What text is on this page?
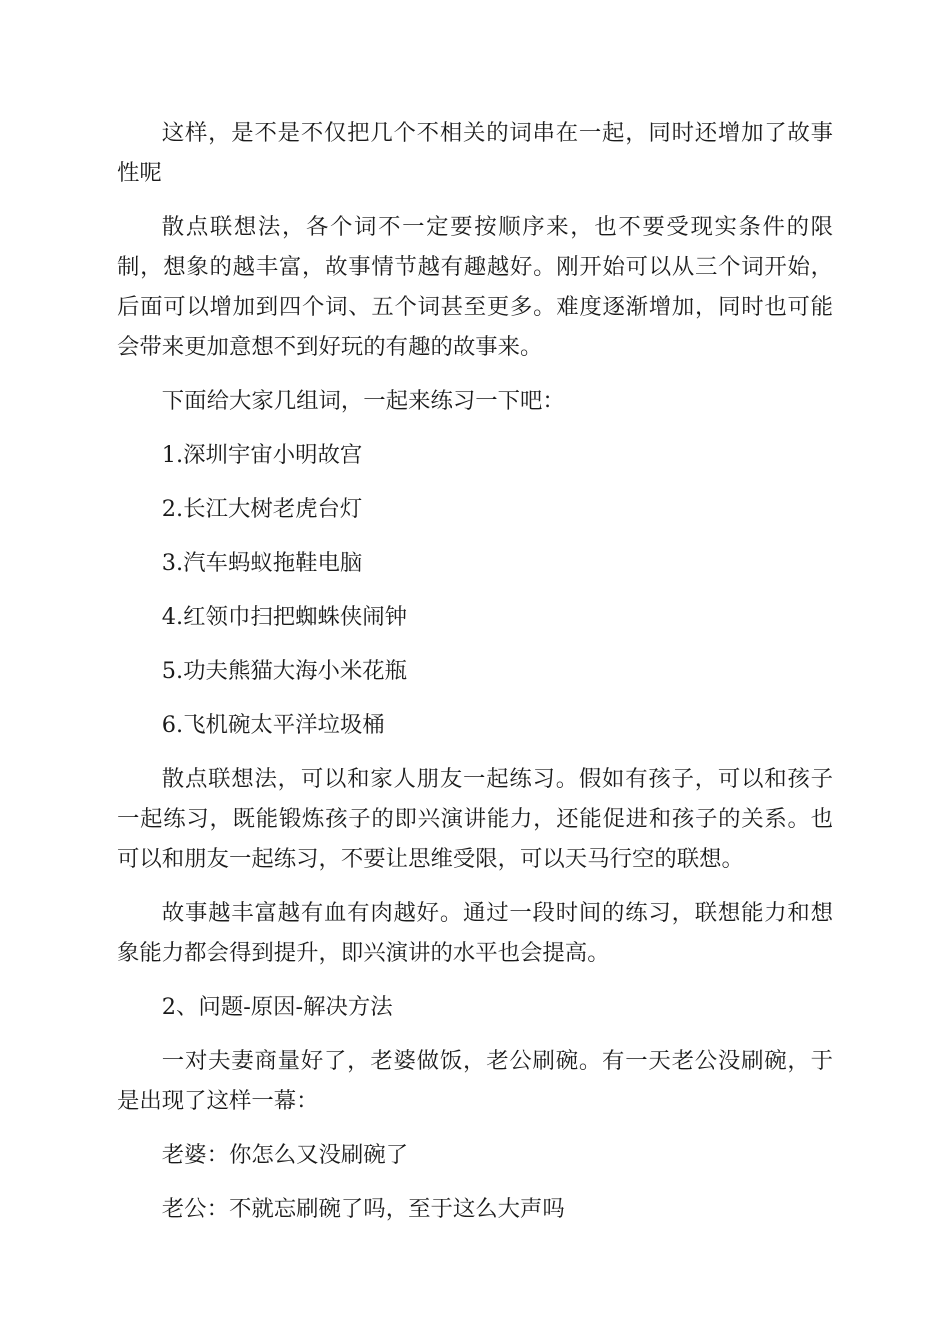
这样，是不是不仅把几个不相关的词串在一起，同时还增加了故事性呢

散点联想法，各个词不一定要按顺序来，也不要受现实条件的限制，想象的越丰富，故事情节越有趣越好。刚开始可以从三个词开始，后面可以增加到四个词、五个词甚至更多。难度逐渐增加，同时也可能会带来更加意想不到好玩的有趣的故事来。

下面给大家几组词，一起来练习一下吧：

1.深圳宇宙小明故宫

2.长江大树老虎台灯

3.汽车蚂蚁拖鞋电脑

4.红领巾扫把蜘蛛侠闹钟

5.功夫熊猫大海小米花瓶

6.飞机碗太平洋垃圾桶

散点联想法，可以和家人朋友一起练习。假如有孩子，可以和孩子一起练习，既能锻炼孩子的即兴演讲能力，还能促进和孩子的关系。也可以和朋友一起练习，不要让思维受限，可以天马行空的联想。

故事越丰富越有血有肉越好。通过一段时间的练习，联想能力和想象能力都会得到提升，即兴演讲的水平也会提高。

2、问题-原因-解决方法

一对夫妻商量好了，老婆做饭，老公刷碗。有一天老公没刷碗，于是出现了这样一幕：

老婆：你怎么又没刷碗了

老公：不就忘刷碗了吗，至于这么大声吗
